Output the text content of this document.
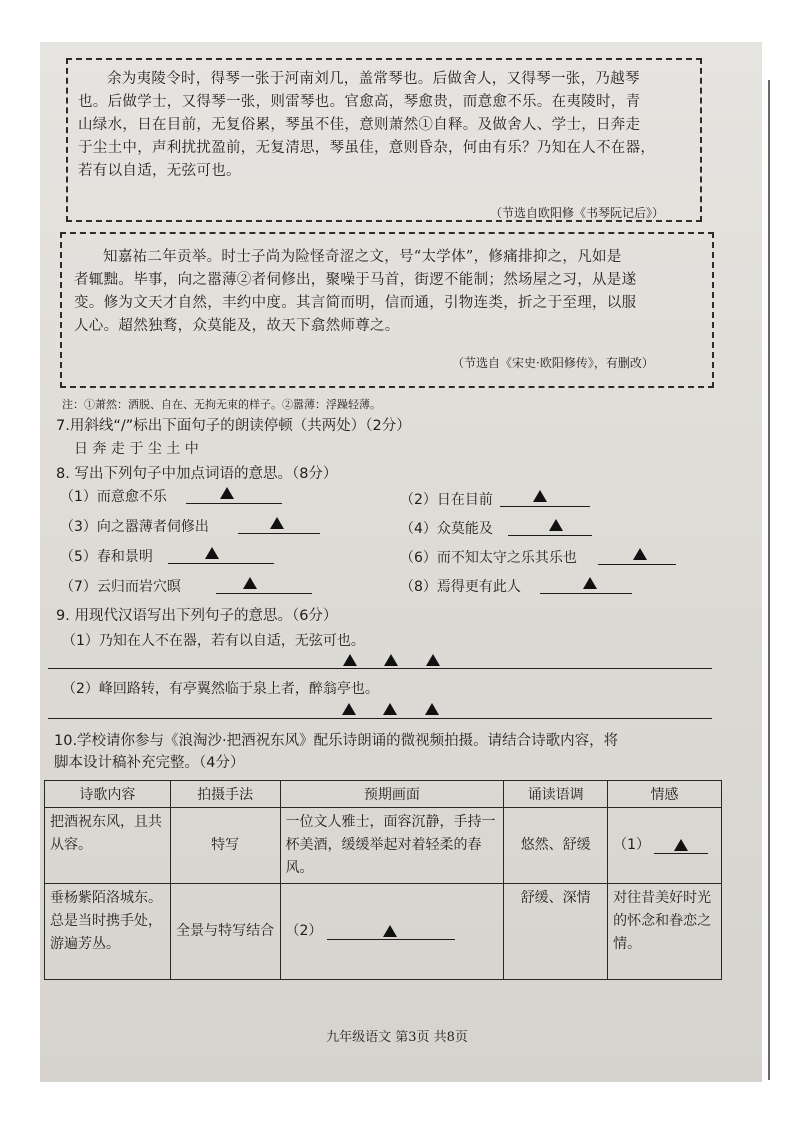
余为夷陵令时，得琴一张于河南刘几，盖常琴也。后做舍人，又得琴一张，乃越琴
也。后做学士，又得琴一张，则雷琴也。官愈高，琴愈贵，而意愈不乐。在夷陵时，青
山绿水，日在目前，无复俗累，琴虽不佳，意则萧然①自释。及做舍人、学士，日奔走
于尘土中，声利扰扰盈前，无复清思，琴虽佳，意则昏杂，何由有乐？乃知在人不在器，
若有以自适，无弦可也。
（节选自欧阳修《书琴阮记后》）
知嘉祐二年贡举。时士子尚为险怪奇涩之文，号“太学体”，修痛排抑之，凡如是
者辄黜。毕事，向之嚣薄②者伺修出，聚噪于马首，街逻不能制；然场屋之习，从是遂
变。修为文天才自然，丰约中度。其言简而明，信而通，引物连类，折之于至理，以服
人心。超然独骛，众莫能及，故天下翕然师尊之。
（节选自《宋史·欧阳修传》，有删改）
注：①萧然：洒脱、自在、无拘无束的样子。②嚣薄：浮躁轻薄。
7.用斜线“/”标出下面句子的朗读停顿（共两处）（2分）
日 奔 走 于 尘 土 中
8. 写出下列句子中加点词语的意思。（8分）
（1）而意愈不乐	（2）日在目前
（3）向之嚣薄者伺修出	（4）众莫能及
（5）春和景明	（6）而不知太守之乐其乐也
（7）云归而岩穴暝	（8）焉得更有此人
9. 用现代汉语写出下列句子的意思。（6分）
（1）乃知在人不在器，若有以自适，无弦可也。
（2）峰回路转，有亭翼然临于泉上者，醉翁亭也。
10.学校请你参与《浪淘沙·把酒祝东风》配乐诗朗诵的微视频拍摄。请结合诗歌内容，将
脚本设计稿补充完整。（4分）
诗歌内容	拍摄手法	预期画面	诵读语调	情感
把酒祝东风，且共从容。	特写	一位文人雅士，面容沉静，手持一杯美酒，缓缓举起对着轻柔的春风。	悠然、舒缓	（1）

垂杨紫陌洛城东。总是当时携手处，游遍芳丛。	全景与特写结合	（2）	舒缓、深情	对往昔美好时光的怀念和眷恋之情。
九年级语文 第3页 共8页
